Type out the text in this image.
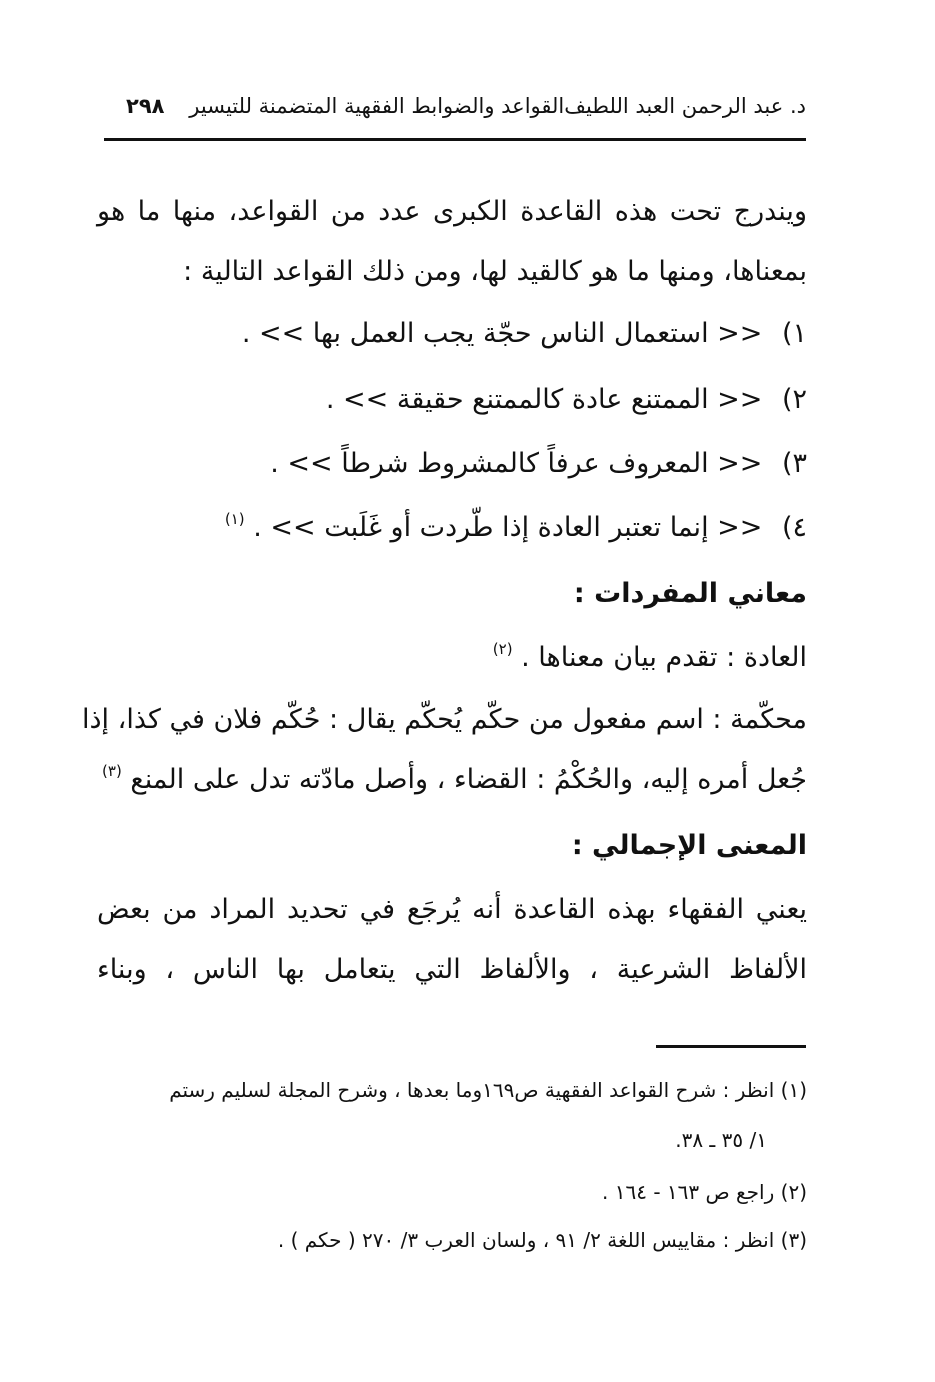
٢٩٨	القواعد والضوابط الفقهية المتضمنة للتيسير د. عبد الرحمن العبد اللطيف
ويندرج تحت هذه القاعدة الكبرى عدد من القواعد، منها ما هو
بمعناها، ومنها ما هو كالقيد لها، ومن ذلك القواعد التالية :
١) << استعمال الناس حجّة يجب العمل بها >> .
٢) << الممتنع عادة كالممتنع حقيقة >> .
٣) << المعروف عرفاً كالمشروط شرطاً >> .
٤) << إنما تعتبر العادة إذا طّردت أو غَلَبت >> . $^{(١)}$
معاني المفردات :
العادة : تقدم بيان معناها . $^{(٢)}$
محكّمة : اسم مفعول من حكّم يُحكّم يقال : حُكّم فلان في كذا، إذا
جُعل أمره إليه، والحُكْمُ : القضاء ، وأصل مادّته تدل على المنع $^{(٣)}$
المعنى الإجمالي :
يعني الفقهاء بهذه القاعدة أنه يُرجَع في تحديد المراد من بعض
الألفاظ الشرعية ، والألفاظ التي يتعامل بها الناس ، وبناء
(١) انظر : شرح القواعد الفقهية ص١٦٩وما بعدها ، وشرح المجلة لسليم رستم
١/ ٣٥ ـ ٣٨.
(٢) راجع ص ١٦٣ - ١٦٤ .
(٣) انظر : مقاييس اللغة ٢/ ٩١ ، ولسان العرب ٣/ ٢٧٠ ( حكم ) .
